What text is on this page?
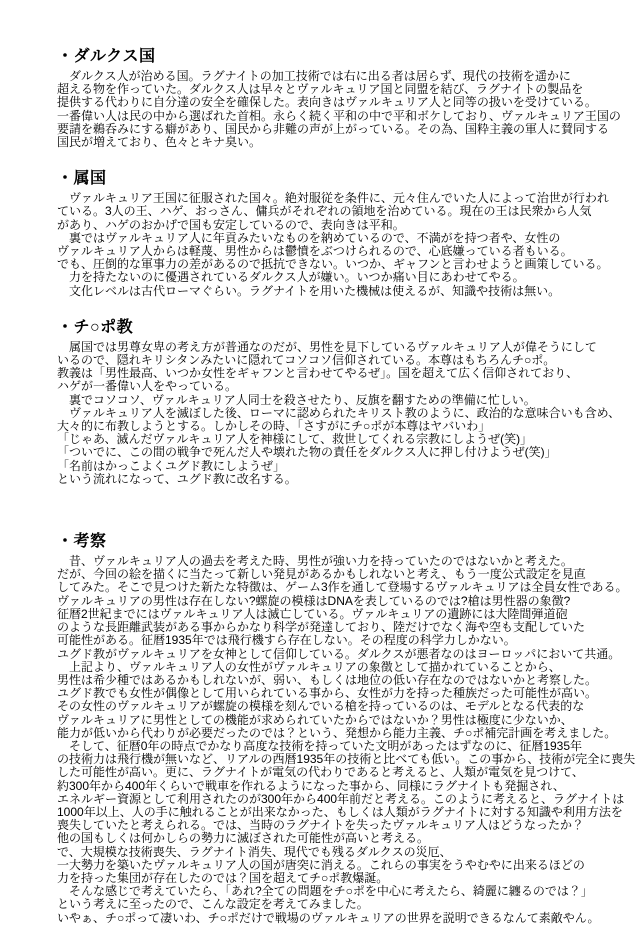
・ダルクス国
　ダルクス人が治める国。ラグナイトの加工技術では右に出る者は居らず、現代の技術を遥かに
超える物を作っていた。ダルクス人は早々とヴァルキュリア国と同盟を結び、ラグナイトの製品を
提供する代わりに自分達の安全を確保した。表向きはヴァルキュリア人と同等の扱いを受けている。
一番偉い人は民の中から選ばれた首相。永らく続く平和の中で平和ボケしており、ヴァルキュリア王国の
要請を鵜呑みにする癖があり、国民から非難の声が上がっている。その為、国粋主義の軍人に賛同する
国民が増えており、色々とキナ臭い。
・属国
　ヴァルキュリア王国に征服された国々。絶対服従を条件に、元々住んでいた人によって治世が行われ
ている。3人の王、ハゲ、おっさん、傭兵がそれぞれの領地を治めている。現在の王は民衆から人気
があり、ハゲのおかげで国も安定しているので、表向きは平和。
　裏ではヴァルキュリア人に年貢みたいなものを納めているので、不満がを持つ者や、女性の
ヴァルキュリア人からは軽蔑、男性からは鬱憤をぶつけられるので、心底嫌っている者もいる。
でも、圧倒的な軍事力の差があるので抵抗できない。いつか、ギャフンと言わせようと画策している。
　力を持たないのに優遇されているダルクス人が嫌い。いつか痛い目にあわせてやる。
　文化レベルは古代ローマぐらい。ラグナイトを用いた機械は使えるが、知識や技術は無い。
・チ○ポ教
　属国では男尊女卑の考え方が普通なのだが、男性を見下しているヴァルキュリア人が偉そうにして
いるので、隠れキリシタンみたいに隠れてコソコソ信仰されている。本尊はもちろんチ○ポ。
教義は「男性最高、いつか女性をギャフンと言わせてやるぜ」。国を超えて広く信仰されており、
ハゲが一番偉い人をやっている。
　裏でコソコソ、ヴァルキュリア人同士を殺させたり、反旗を翻すための準備に忙しい。
　ヴァルキュリア人を滅ぼした後、ローマに認められたキリスト教のように、政治的な意味合いも含め、
大々的に布教しようとする。しかしその時、「さすがにチ○ポが本尊はヤバいわ」
「じゃあ、滅んだヴァルキュリア人を神様にして、救世してくれる宗教にしようぜ(笑)」
「ついでに、この間の戦争で死んだ人や壊れた物の責任をダルクス人に押し付けようぜ(笑)」
「名前はかっこよくユグド教にしようぜ」
という流れになって、ユグド教に改名する。
・考察
　昔、ヴァルキュリア人の過去を考えた時、男性が強い力を持っていたのではないかと考えた。
だが、今回の絵を描くに当たって新しい発見があるかもしれないと考え、もう一度公式設定を見直
してみた。そこで見つけた新たな特徴は、ゲーム3作を通して登場するヴァルキュリアは全員女性である。
ヴァルキュリアの男性は存在しない?螺旋の模様はDNAを表しているのでは?槍は男性器の象徴?
征暦2世紀までにはヴァルキュリア人は滅亡している。ヴァルキュリアの遺跡には大陸間弾道砲
のような長距離武装がある事からかなり科学が発達しており、陸だけでなく海や空も支配していた
可能性がある。征暦1935年では飛行機すら存在しない。その程度の科学力しかない。
ユグド教がヴァルキュリアを女神として信仰している。ダルクスが悪者なのはヨーロッパにおいて共通。
　上記より、ヴァルキュリア人の女性がヴァルキュリアの象徴として描かれていることから、
男性は希少種ではあるかもしれないが、弱い、もしくは地位の低い存在なのではないかと考察した。
ユグド教でも女性が偶像として用いられている事から、女性が力を持った種族だった可能性が高い。
その女性のヴァルキュリアが螺旋の模様を刻んでいる槍を持っているのは、モデルとなる代表的な
ヴァルキュリアに男性としての機能が求められていたからではないか？男性は極度に少ないか、
能力が低いから代わりが必要だったのでは？という、発想から能力主義、チ○ポ補完計画を考えました。
　そして、征暦0年の時点でかなり高度な技術を持っていた文明があったはずなのに、征暦1935年
の技術力は飛行機が無いなど、リアルの西暦1935年の技術と比べても低い。この事から、技術が完全に喪失
した可能性が高い。更に、ラグナイトが電気の代わりであると考えると、人類が電気を見つけて、
約300年から400年くらいで戦車を作れるようになった事から、同様にラグナイトも発掘され、
エネルギー資源として利用されたのが300年から400年前だと考える。このように考えると、ラグナイトは
1000年以上、人の手に触れることが出来なかった、もしくは人類がラグナイトに対する知識や利用方法を
喪失していたと考えられる。では、当時のラグナイトを失ったヴァルキュリア人はどうなったか？
他の国もしくは何かしらの勢力に滅ぼされた可能性が高いと考える。
で、大規模な技術喪失、ラグナイト消失、現代でも残るダルクスの災厄、
一大勢力を築いたヴァルキュリア人の国が唐突に消える。これらの事実をうやむやに出来るほどの
力を持った集団が存在したのでは？国を超えてチ○ポ教爆誕。
　そんな感じで考えていたら、「あれ?全ての問題をチ○ポを中心に考えたら、綺麗に纏るのでは？」
という考えに至ったので、こんな設定を考えてみました。
いやぁ、チ○ポって凄いわ、チ○ポだけで戦場のヴァルキュリアの世界を説明できるなんて素敵やん。
